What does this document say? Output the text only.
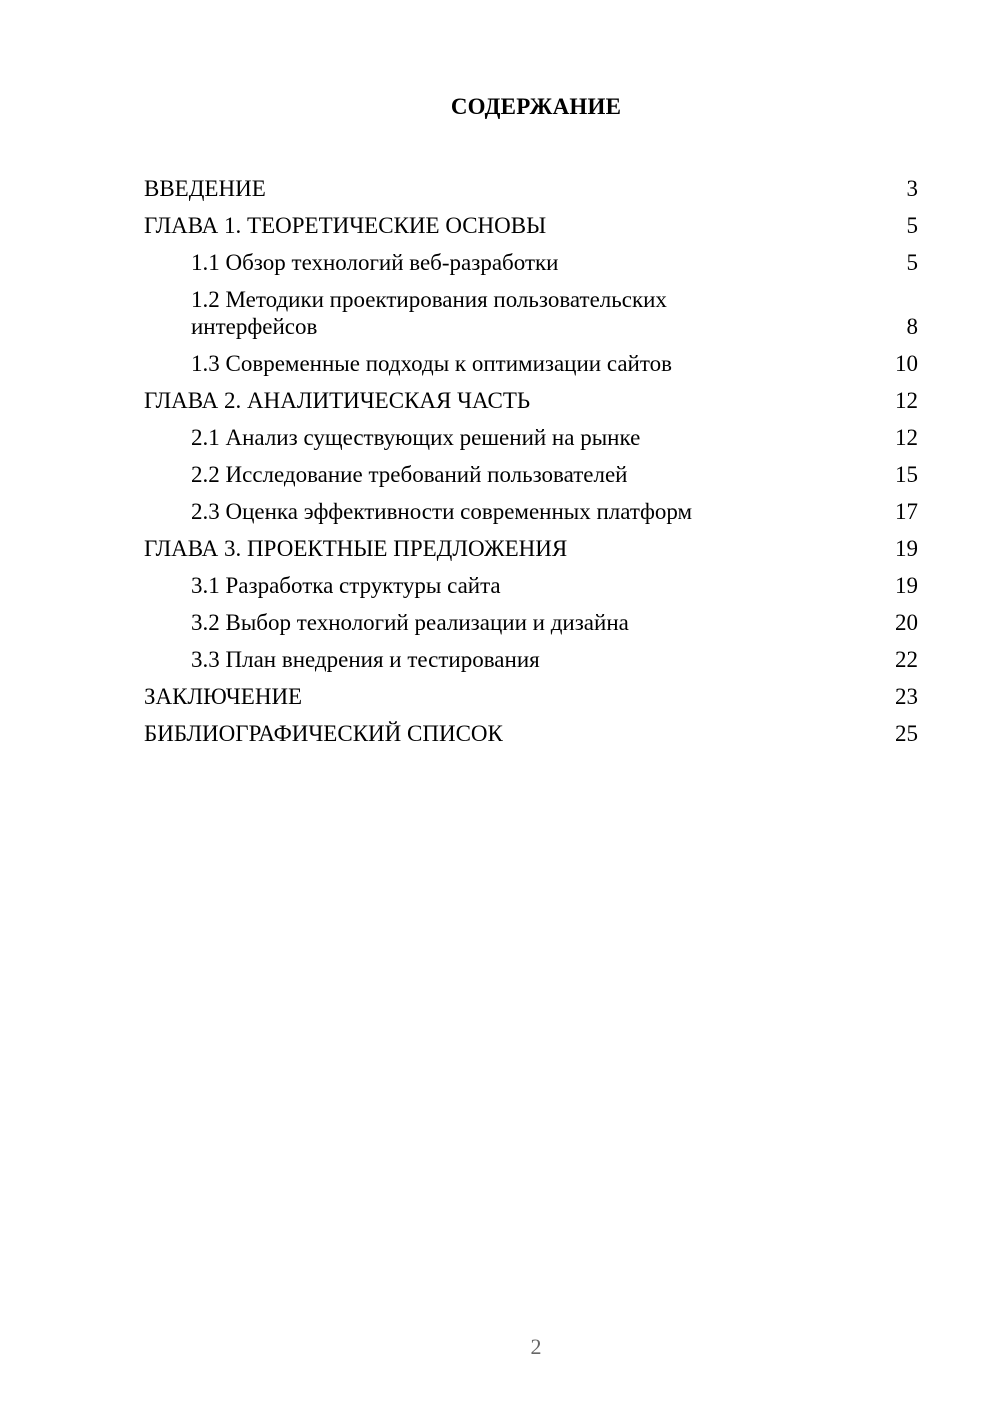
СОДЕРЖАНИЕ
ВВЕДЕНИЕ	3
ГЛАВА 1. ТЕОРЕТИЧЕСКИЕ ОСНОВЫ	5
1.1 Обзор технологий веб-разработки	5
1.2 Методики проектирования пользовательских интерфейсов	8
1.3 Современные подходы к оптимизации сайтов	10
ГЛАВА 2. АНАЛИТИЧЕСКАЯ ЧАСТЬ	12
2.1 Анализ существующих решений на рынке	12
2.2 Исследование требований пользователей	15
2.3 Оценка эффективности современных платформ	17
ГЛАВА 3. ПРОЕКТНЫЕ ПРЕДЛОЖЕНИЯ	19
3.1 Разработка структуры сайта	19
3.2 Выбор технологий реализации и дизайна	20
3.3 План внедрения и тестирования	22
ЗАКЛЮЧЕНИЕ	23
БИБЛИОГРАФИЧЕСКИЙ СПИСОК	25
2
